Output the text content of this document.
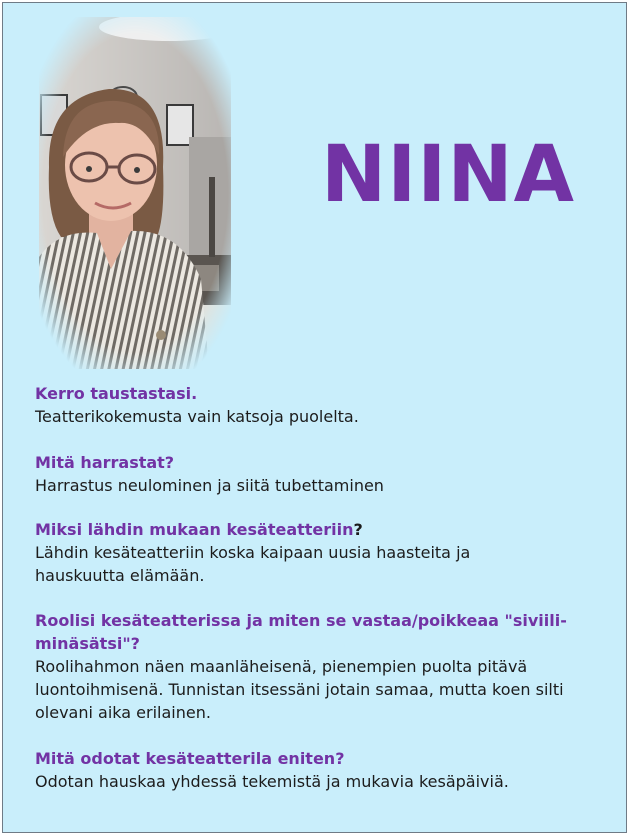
NIINA

Kerro taustastasi.

Teatterikokemusta vain katsoja puolelta.

Mitä harrastat?

Harrastus neulominen ja siitä tubettaminen

Miksi lähdin mukaan kesäteatteriin?

Lähdin kesäteatteriin koska kaipaan uusia haasteita ja hauskuutta elämään.

Roolisi kesäteatterissa ja miten se vastaa/poikkeaa "siviili-minäsätsi"?

Roolihahmon näen maanläheisenä, pienempien puolta pitävä luontoihmisenä. Tunnistan itsessäni jotain samaa, mutta koen silti olevani aika erilainen.

Mitä odotat kesäteatterila eniten?

Odotan hauskaa yhdessä tekemistä ja mukavia kesäpäiviä.
